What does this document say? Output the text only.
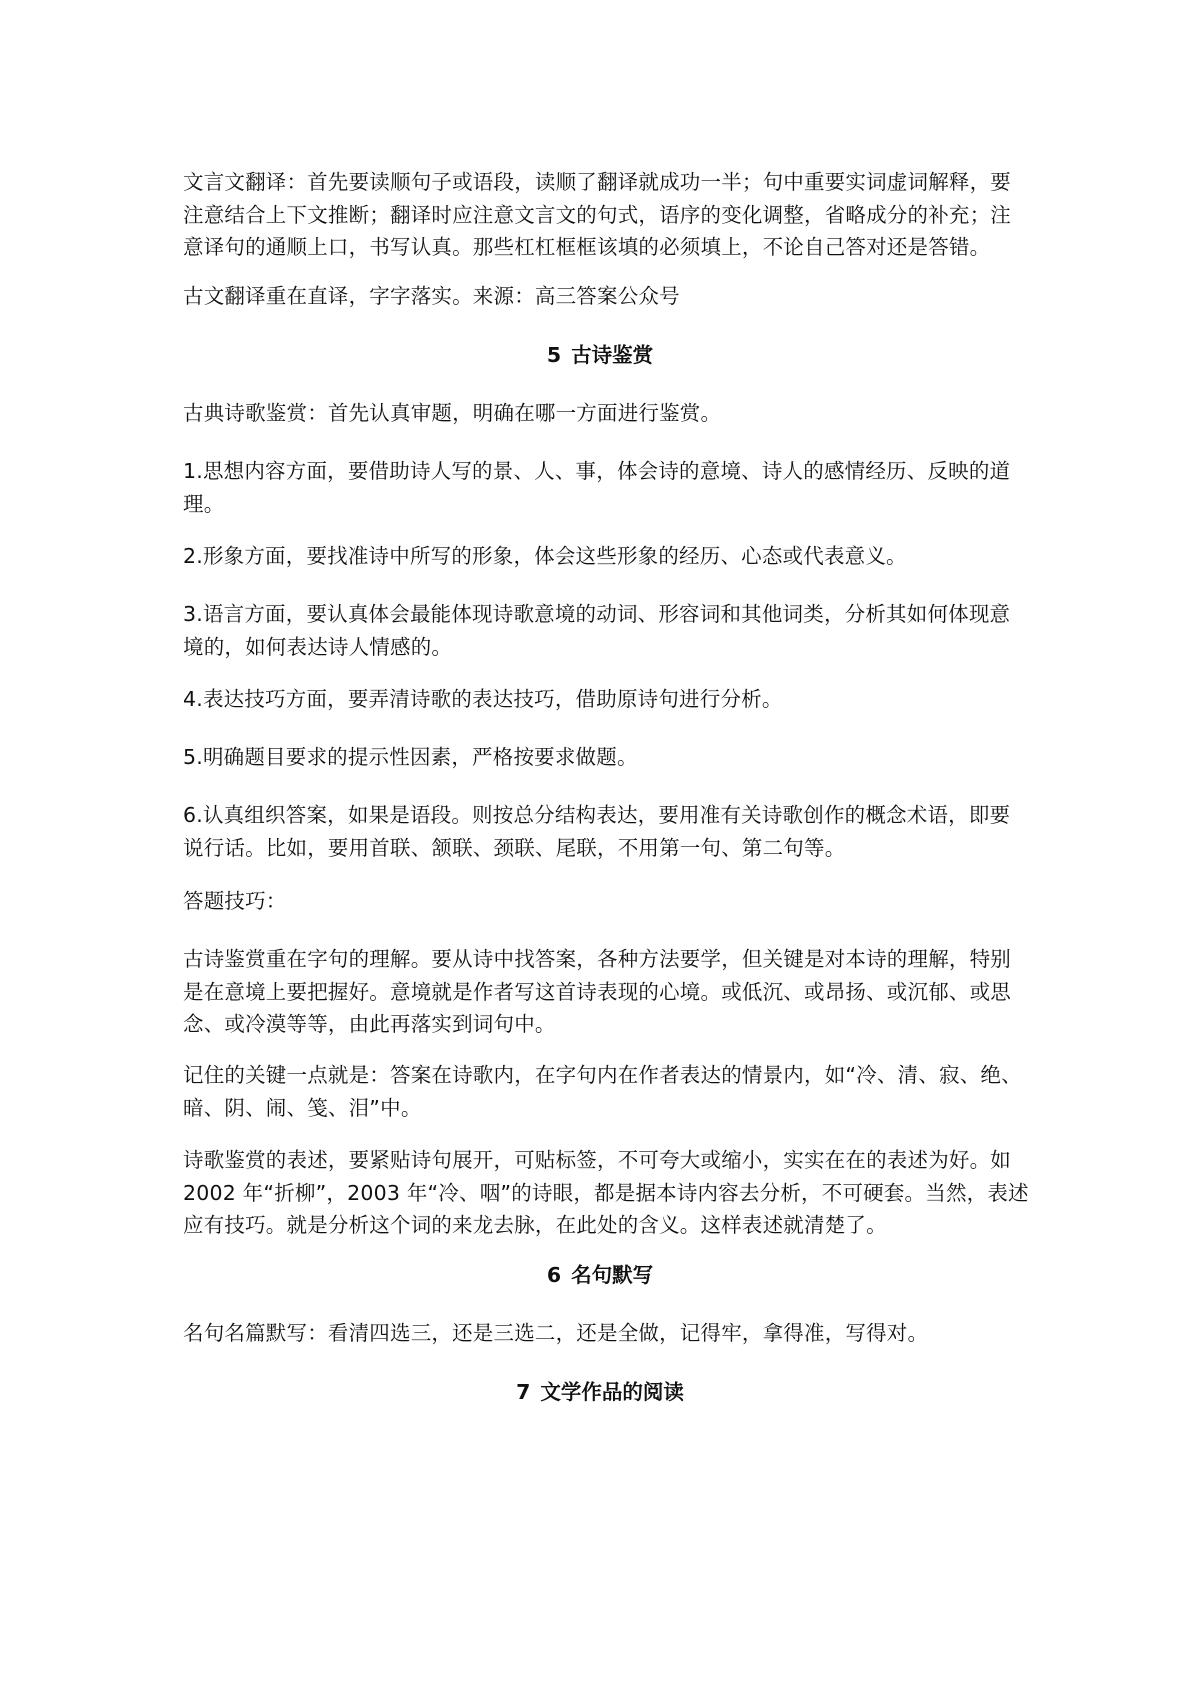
文言文翻译：首先要读顺句子或语段，读顺了翻译就成功一半；句中重要实词虚词解释，要
注意结合上下文推断；翻译时应注意文言文的句式，语序的变化调整，省略成分的补充；注
意译句的通顺上口，书写认真。那些杠杠框框该填的必须填上，不论自己答对还是答错。
古文翻译重在直译，字字落实。来源：高三答案公众号
5 古诗鉴赏
古典诗歌鉴赏：首先认真审题，明确在哪一方面进行鉴赏。
1.思想内容方面，要借助诗人写的景、人、事，体会诗的意境、诗人的感情经历、反映的道
理。
2.形象方面，要找准诗中所写的形象，体会这些形象的经历、心态或代表意义。
3.语言方面，要认真体会最能体现诗歌意境的动词、形容词和其他词类，分析其如何体现意
境的，如何表达诗人情感的。
4.表达技巧方面，要弄清诗歌的表达技巧，借助原诗句进行分析。
5.明确题目要求的提示性因素，严格按要求做题。
6.认真组织答案，如果是语段。则按总分结构表达，要用准有关诗歌创作的概念术语，即要
说行话。比如，要用首联、颔联、颈联、尾联，不用第一句、第二句等。
答题技巧：
古诗鉴赏重在字句的理解。要从诗中找答案，各种方法要学，但关键是对本诗的理解，特别
是在意境上要把握好。意境就是作者写这首诗表现的心境。或低沉、或昂扬、或沉郁、或思
念、或冷漠等等，由此再落实到词句中。
记住的关键一点就是：答案在诗歌内，在字句内在作者表达的情景内，如“冷、清、寂、绝、
暗、阴、闹、笺、泪”中。
诗歌鉴赏的表述，要紧贴诗句展开，可贴标签，不可夸大或缩小，实实在在的表述为好。如
2002 年“折柳”，2003 年“冷、咽”的诗眼，都是据本诗内容去分析，不可硬套。当然，表述
应有技巧。就是分析这个词的来龙去脉，在此处的含义。这样表述就清楚了。
6 名句默写
名句名篇默写：看清四选三，还是三选二，还是全做，记得牢，拿得准，写得对。
7 文学作品的阅读
